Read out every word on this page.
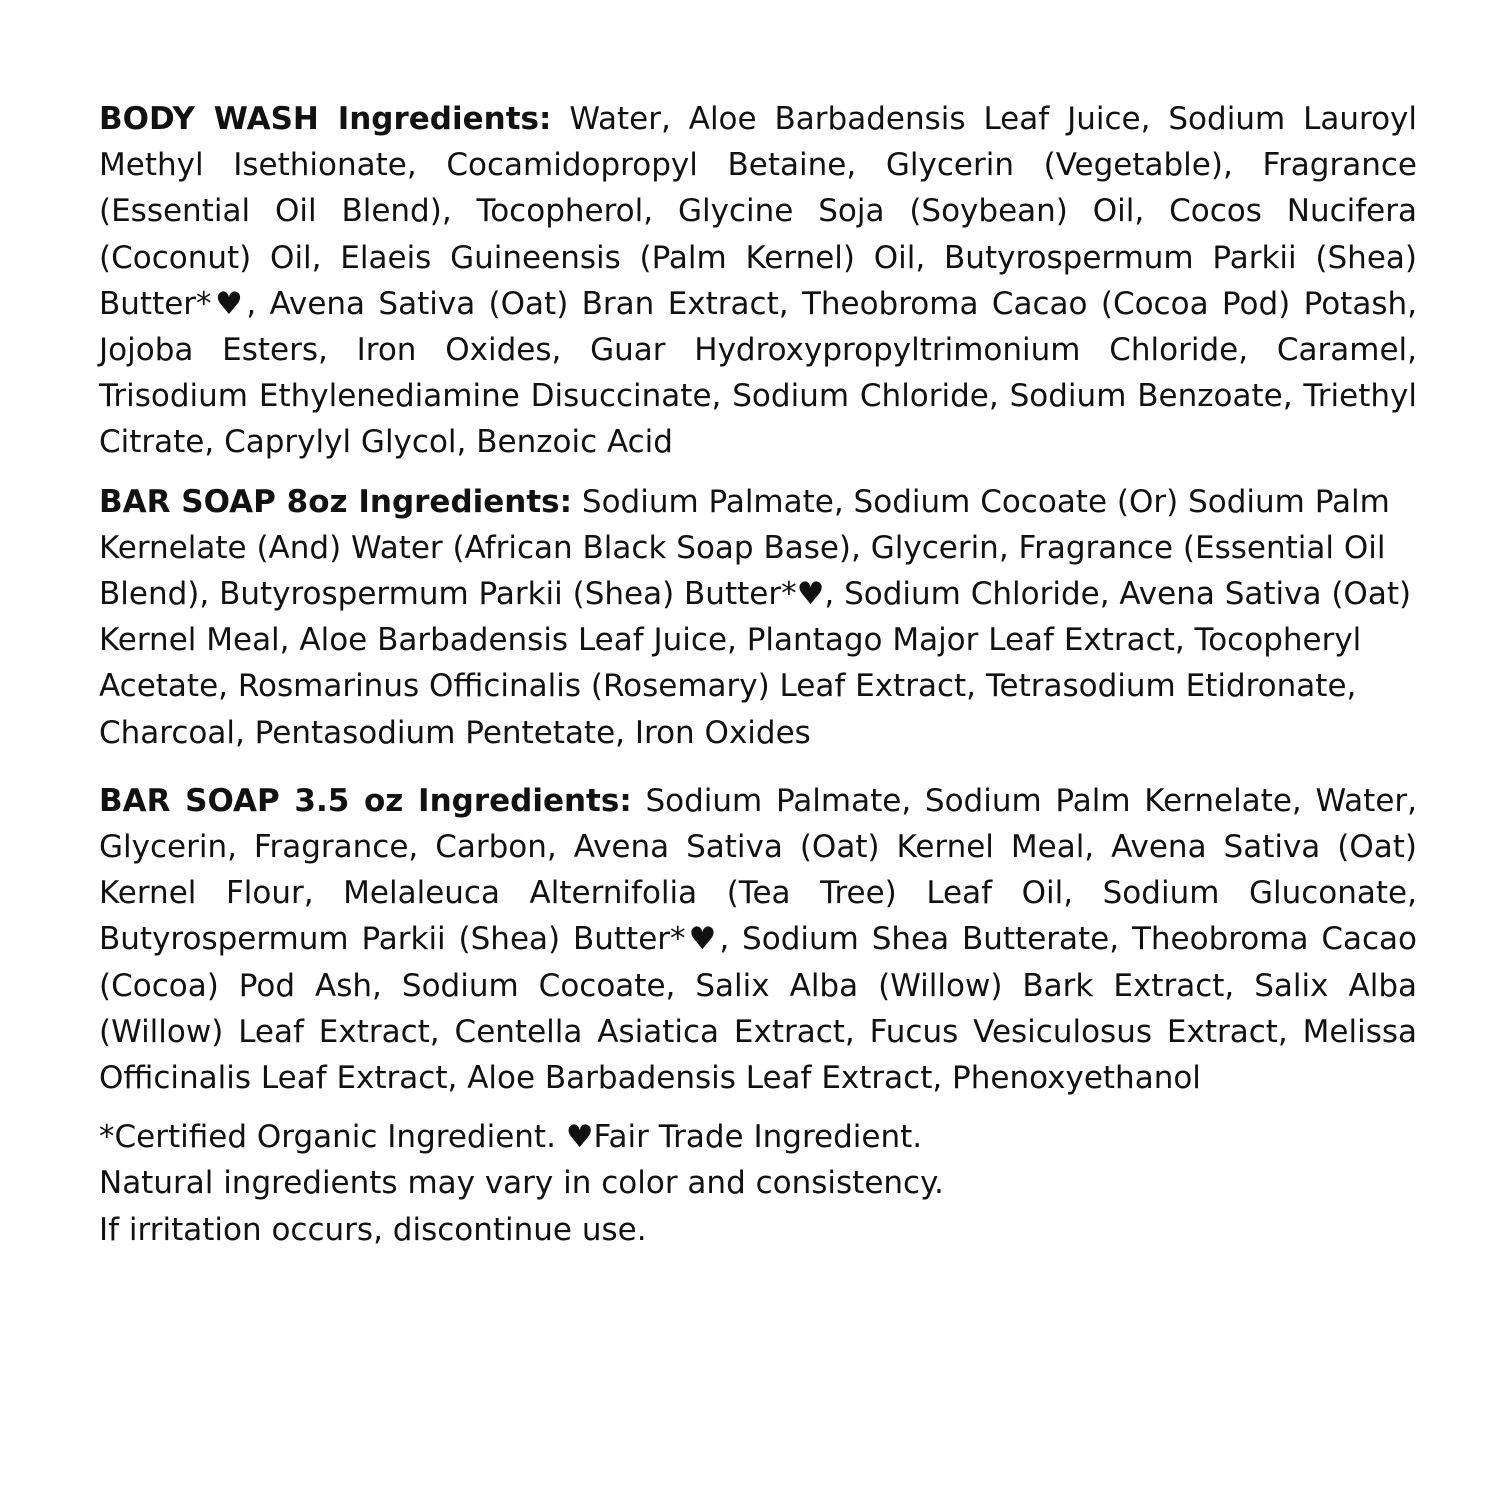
BODY WASH Ingredients: Water, Aloe Barbadensis Leaf Juice, Sodium Lauroyl Methyl Isethionate, Cocamidopropyl Betaine, Glycerin (Vegetable), Fragrance (Essential Oil Blend), Tocopherol, Glycine Soja (Soybean) Oil, Cocos Nucifera (Coconut) Oil, Elaeis Guineensis (Palm Kernel) Oil, Butyrospermum Parkii (Shea) Butter*♥, Avena Sativa (Oat) Bran Extract, Theobroma Cacao (Cocoa Pod) Potash, Jojoba Esters, Iron Oxides, Guar Hydroxypropyltrimonium Chloride, Caramel, Trisodium Ethylenediamine Disuccinate, Sodium Chloride, Sodium Benzoate, Triethyl Citrate, Caprylyl Glycol, Benzoic Acid

BAR SOAP 8oz Ingredients: Sodium Palmate, Sodium Cocoate (Or) Sodium Palm Kernelate (And) Water (African Black Soap Base), Glycerin, Fragrance (Essential Oil Blend), Butyrospermum Parkii (Shea) Butter*♥, Sodium Chloride, Avena Sativa (Oat) Kernel Meal, Aloe Barbadensis Leaf Juice, Plantago Major Leaf Extract, Tocopheryl Acetate, Rosmarinus Officinalis (Rosemary) Leaf Extract, Tetrasodium Etidronate, Charcoal, Pentasodium Pentetate, Iron Oxides

BAR SOAP 3.5 oz Ingredients: Sodium Palmate, Sodium Palm Kernelate, Water, Glycerin, Fragrance, Carbon, Avena Sativa (Oat) Kernel Meal, Avena Sativa (Oat) Kernel Flour, Melaleuca Alternifolia (Tea Tree) Leaf Oil, Sodium Gluconate, Butyrospermum Parkii (Shea) Butter*♥, Sodium Shea Butterate, Theobroma Cacao (Cocoa) Pod Ash, Sodium Cocoate, Salix Alba (Willow) Bark Extract, Salix Alba (Willow) Leaf Extract, Centella Asiatica Extract, Fucus Vesiculosus Extract, Melissa Officinalis Leaf Extract, Aloe Barbadensis Leaf Extract, Phenoxyethanol

*Certified Organic Ingredient. ♥Fair Trade Ingredient.

Natural ingredients may vary in color and consistency.

If irritation occurs, discontinue use.
